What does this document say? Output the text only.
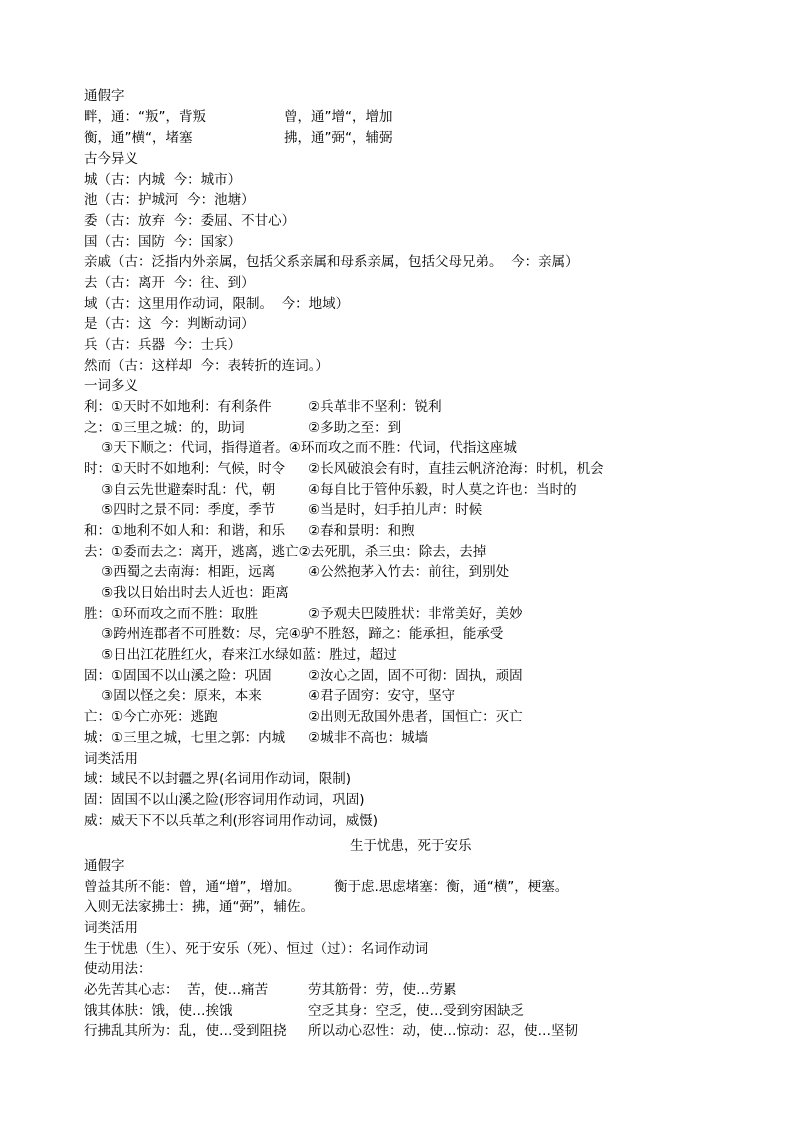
通假字
畔，通：“叛”，背叛	曾，通”增“，增加
衡，通”横“，堵塞	拂，通”弼“，辅弼
古今异义
城（古：内城  今：城市）
池（古：护城河  今：池塘）
委（古：放弃  今：委屈、不甘心）
国（古：国防  今：国家）
亲戚（古：泛指内外亲属，包括父系亲属和母系亲属，包括父母兄弟。  今：亲属）
去（古：离开  今：往、到）
域（古：这里用作动词，限制。  今：地域）
是（古：这  今：判断动词）
兵（古：兵器  今：士兵）
然而（古：这样却  今：表转折的连词。）
一词多义
利：①天时不如地利：有利条件	②兵革非不坚利：锐利
之：①三里之城：的，助词	②多助之至：到
③天下顺之：代词，指得道者。④环而攻之而不胜：代词，代指这座城
时：①天时不如地利：气候，时令 ②长风破浪会有时，直挂云帆济沧海：时机，机会
③自云先世避秦时乱：代，朝 ④每自比于管仲乐毅，时人莫之许也：当时的
⑤四时之景不同：季度，季节 ⑥当是时，妇手拍儿声：时候
和：①地利不如人和：和谐，和乐 ②春和景明：和煦
去：①委而去之：离开，逃离，逃亡②去死肌，杀三虫：除去，去掉
③西蜀之去南海：相距，远离 ④公然抱茅入竹去：前往，到别处
⑤我以日始出时去人近也：距离
胜：①环而攻之而不胜：取胜	②予观夫巴陵胜状：非常美好，美妙
③跨州连郡者不可胜数：尽，完④驴不胜怒，蹄之：能承担，能承受
⑤日出江花胜红火，春来江水绿如蓝：胜过，超过
固：①固国不以山溪之险：巩固	②汝心之固，固不可彻：固执，顽固
③固以怪之矣：原来，本来	④君子固穷：安守，坚守
亡：①今亡亦死：逃跑	②出则无敌国外患者，国恒亡：灭亡
城：①三里之城，七里之郭：内城 ②城非不高也：城墙
词类活用
域：域民不以封疆之界(名词用作动词，限制)
固：固国不以山溪之险(形容词用作动词，巩固)
威：威天下不以兵革之利(形容词用作动词，威慑)
生于忧患，死于安乐
通假字
曾益其所不能：曾，通“增”，增加。 衡于虑.思虑堵塞：衡，通“横”，梗塞。
入则无法家拂士：拂，通“弼”，辅佐。
词类活用
生于忧患（生）、死于安乐（死）、恒过（过）：名词作动词
使动用法：
必先苦其心志：  苦，使…痛苦	劳其筋骨：劳，使…劳累
饿其体肤：饿，使…挨饿	空乏其身：空乏，使…受到穷困缺乏
行拂乱其所为：乱，使…受到阻挠 所以动心忍性：动，使…惊动：忍，使…坚韧
